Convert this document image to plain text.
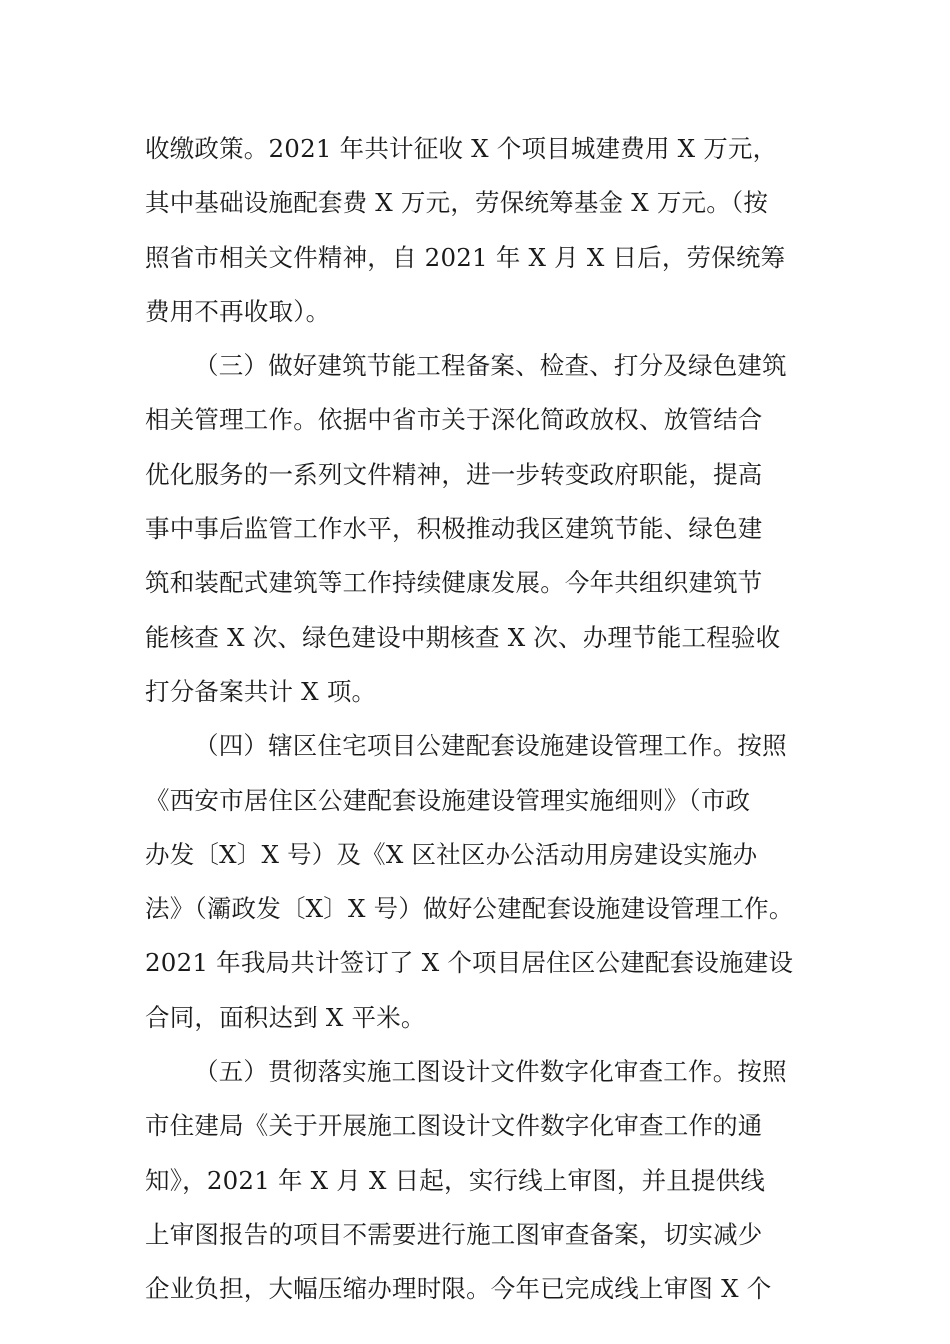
收缴政策。2021 年共计征收 X 个项目城建费用 X 万元，
其中基础设施配套费 X 万元，劳保统筹基金 X 万元。（按
照省市相关文件精神，自 2021 年 X 月 X 日后，劳保统筹
费用不再收取）。
（三）做好建筑节能工程备案、检查、打分及绿色建筑
相关管理工作。依据中省市关于深化简政放权、放管结合
优化服务的一系列文件精神，进一步转变政府职能，提高
事中事后监管工作水平，积极推动我区建筑节能、绿色建
筑和装配式建筑等工作持续健康发展。今年共组织建筑节
能核查 X 次、绿色建设中期核查 X 次、办理节能工程验收
打分备案共计 X 项。
（四）辖区住宅项目公建配套设施建设管理工作。按照
《西安市居住区公建配套设施建设管理实施细则》（市政
办发〔X〕X 号）及《X 区社区办公活动用房建设实施办
法》（灞政发〔X〕X 号）做好公建配套设施建设管理工作。
2021 年我局共计签订了 X 个项目居住区公建配套设施建设
合同，面积达到 X 平米。
（五）贯彻落实施工图设计文件数字化审查工作。按照
市住建局《关于开展施工图设计文件数字化审查工作的通
知》，2021 年 X 月 X 日起，实行线上审图，并且提供线
上审图报告的项目不需要进行施工图审查备案，切实减少
企业负担，大幅压缩办理时限。今年已完成线上审图 X 个
